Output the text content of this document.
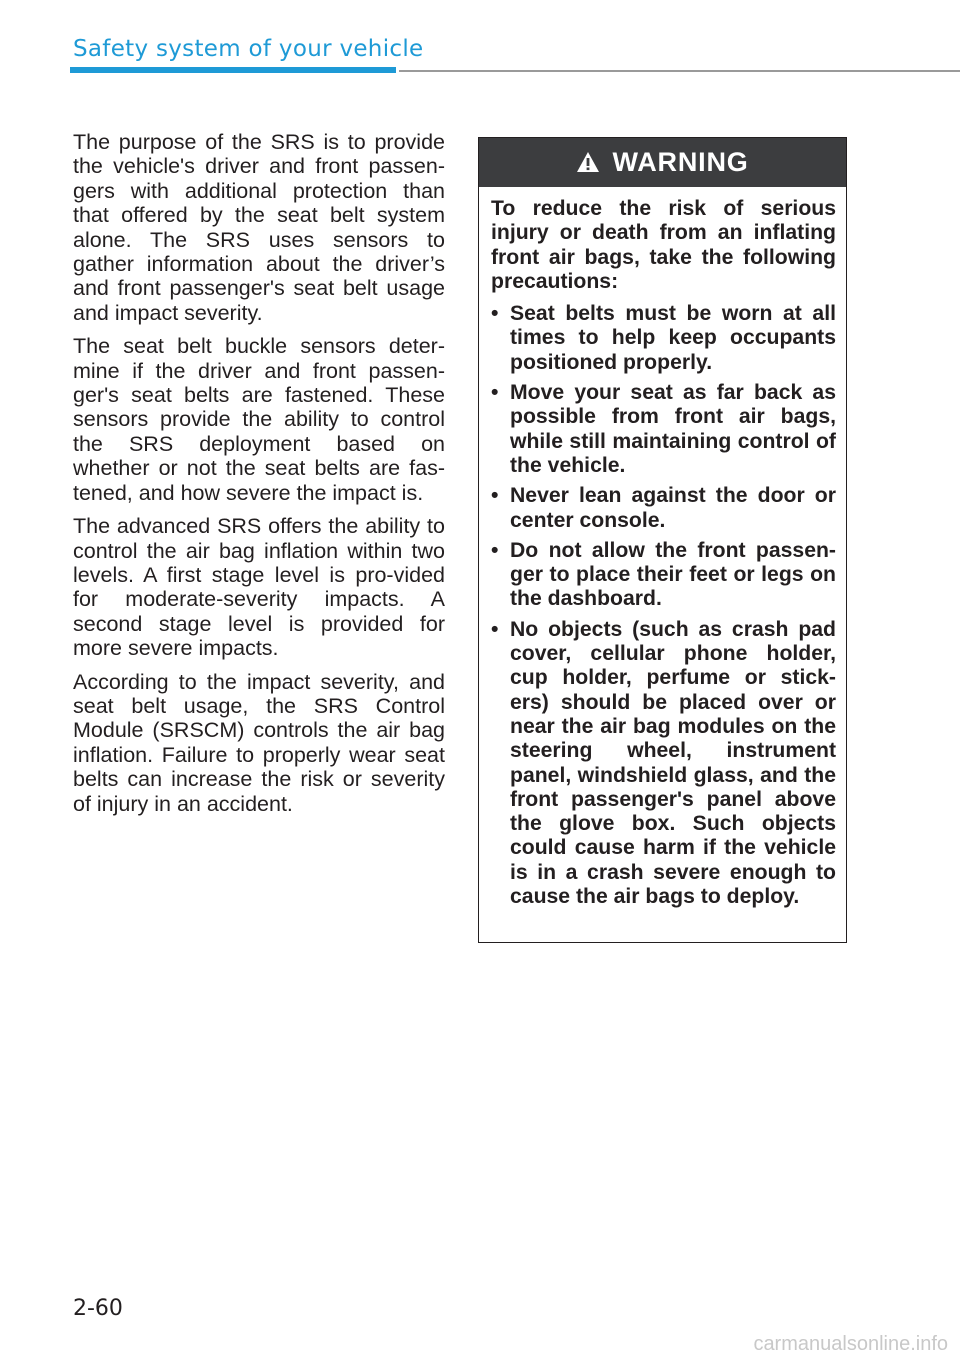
Safety system of your vehicle

The purpose of the SRS is to provide the vehicle's driver and front passen-gers with additional protection than that offered by the seat belt system alone. The SRS uses sensors to gather information about the driver’s and front passenger's seat belt usage and impact severity.

The seat belt buckle sensors deter-mine if the driver and front passen-ger's seat belts are fastened. These sensors provide the ability to control the SRS deployment based on whether or not the seat belts are fas-tened, and how severe the impact is.

The advanced SRS offers the ability to control the air bag inflation within two levels. A first stage level is pro-vided for moderate-severity impacts. A second stage level is provided for more severe impacts.

According to the impact severity, and seat belt usage, the SRS Control Module (SRSCM) controls the air bag inflation. Failure to properly wear seat belts can increase the risk or severity of injury in an accident.

WARNING

To reduce the risk of serious injury or death from an inflating front air bags, take the following precautions:

• Seat belts must be worn at all times to help keep occupants positioned properly.
• Move your seat as far back as possible from front air bags, while still maintaining control of the vehicle.
• Never lean against the door or center console.
• Do not allow the front passen-ger to place their feet or legs on the dashboard.
• No objects (such as crash pad cover, cellular phone holder, cup holder, perfume or stick-ers) should be placed over or near the air bag modules on the steering wheel, instrument panel, windshield glass, and the front passenger's panel above the glove box. Such objects could cause harm if the vehicle is in a crash severe enough to cause the air bags to deploy.
2-60
carmanualsonline.info
